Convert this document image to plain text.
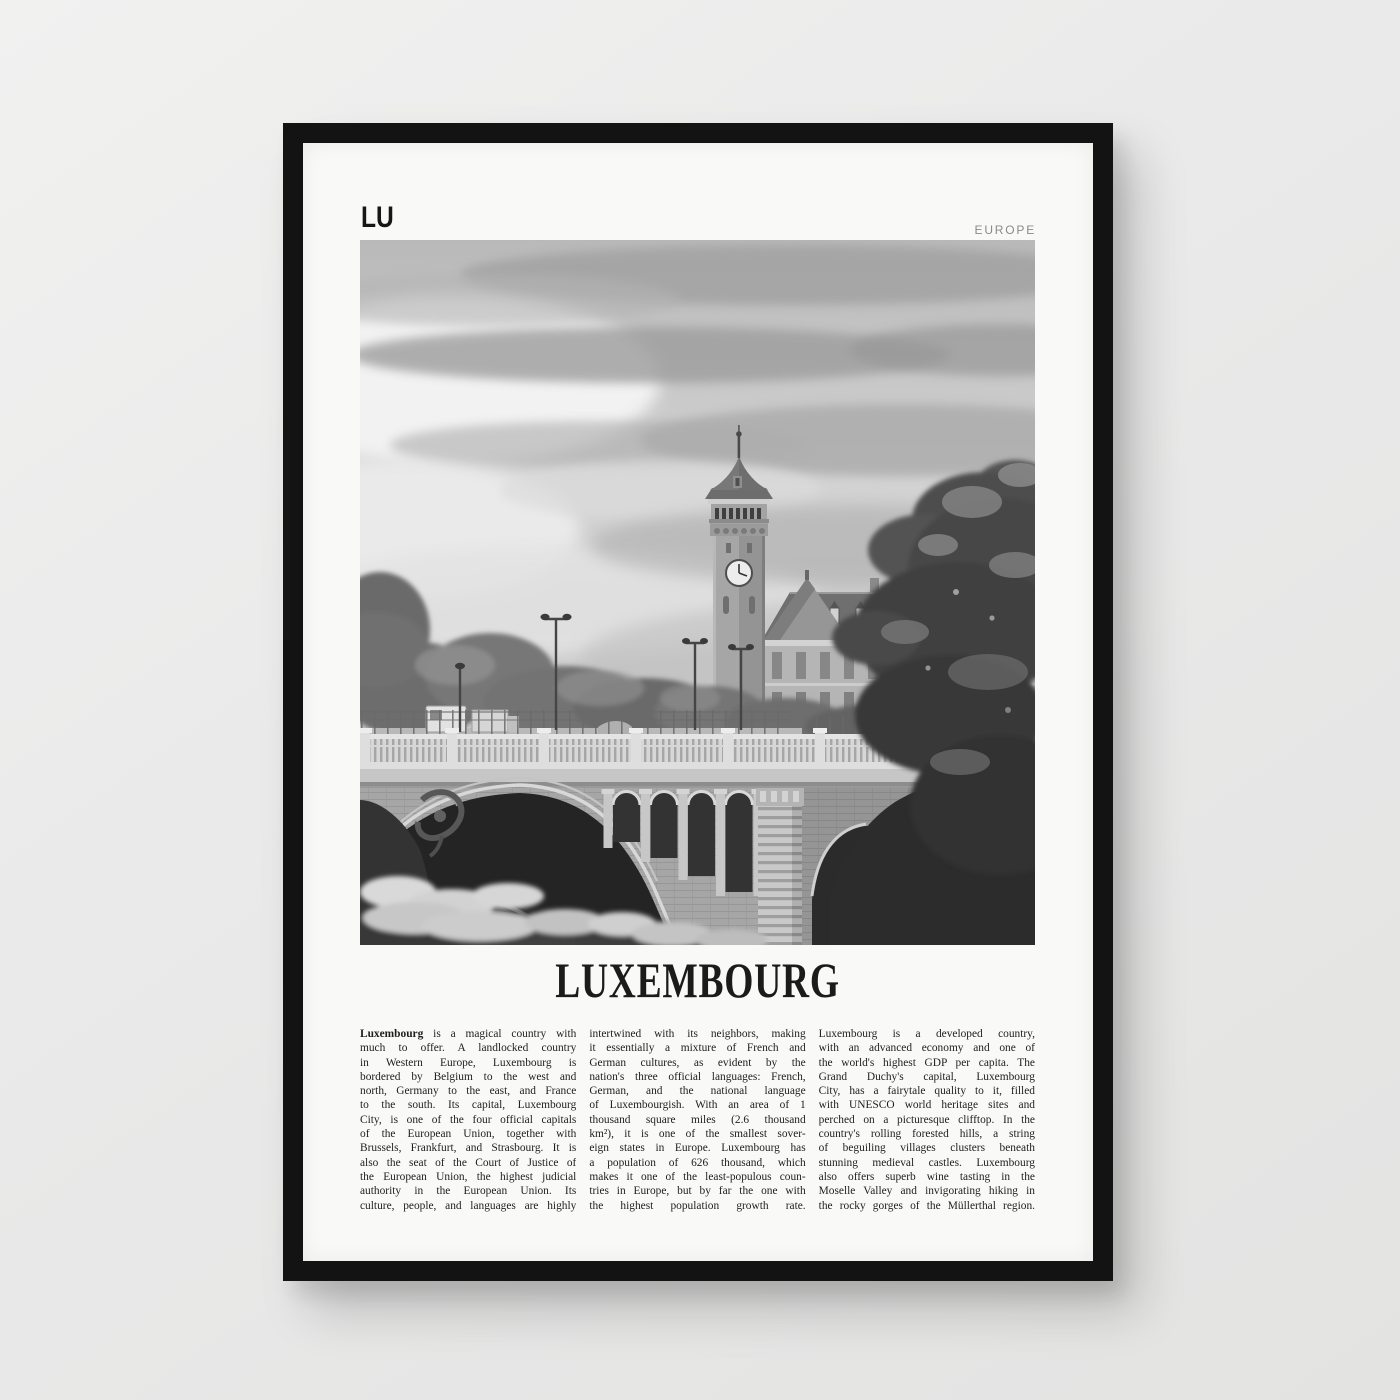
LU	EUROPE
LUXEMBOURG
Luxembourg is a magical country with
much to offer. A landlocked country
in Western Europe, Luxembourg is
bordered by Belgium to the west and
north, Germany to the east, and France
to the south. Its capital, Luxembourg
City, is one of the four official capitals
of the European Union, together with
Brussels, Frankfurt, and Strasbourg. It is
also the seat of the Court of Justice of
the European Union, the highest judicial
authority in the European Union. Its
culture, people, and languages are highly
intertwined with its neighbors, making
it essentially a mixture of French and
German cultures, as evident by the
nation's three official languages: French,
German, and the national language
of Luxembourgish. With an area of 1
thousand square miles (2.6 thousand
km²), it is one of the smallest sover-
eign states in Europe. Luxembourg has
a population of 626 thousand, which
makes it one of the least-populous coun-
tries in Europe, but by far the one with
the highest population growth rate.
Luxembourg is a developed country,
with an advanced economy and one of
the world's highest GDP per capita. The
Grand Duchy's capital, Luxembourg
City, has a fairytale quality to it, filled
with UNESCO world heritage sites and
perched on a picturesque clifftop. In the
country's rolling forested hills, a string
of beguiling villages clusters beneath
stunning medieval castles. Luxembourg
also offers superb wine tasting in the
Moselle Valley and invigorating hiking in
the rocky gorges of the Müllerthal region.
